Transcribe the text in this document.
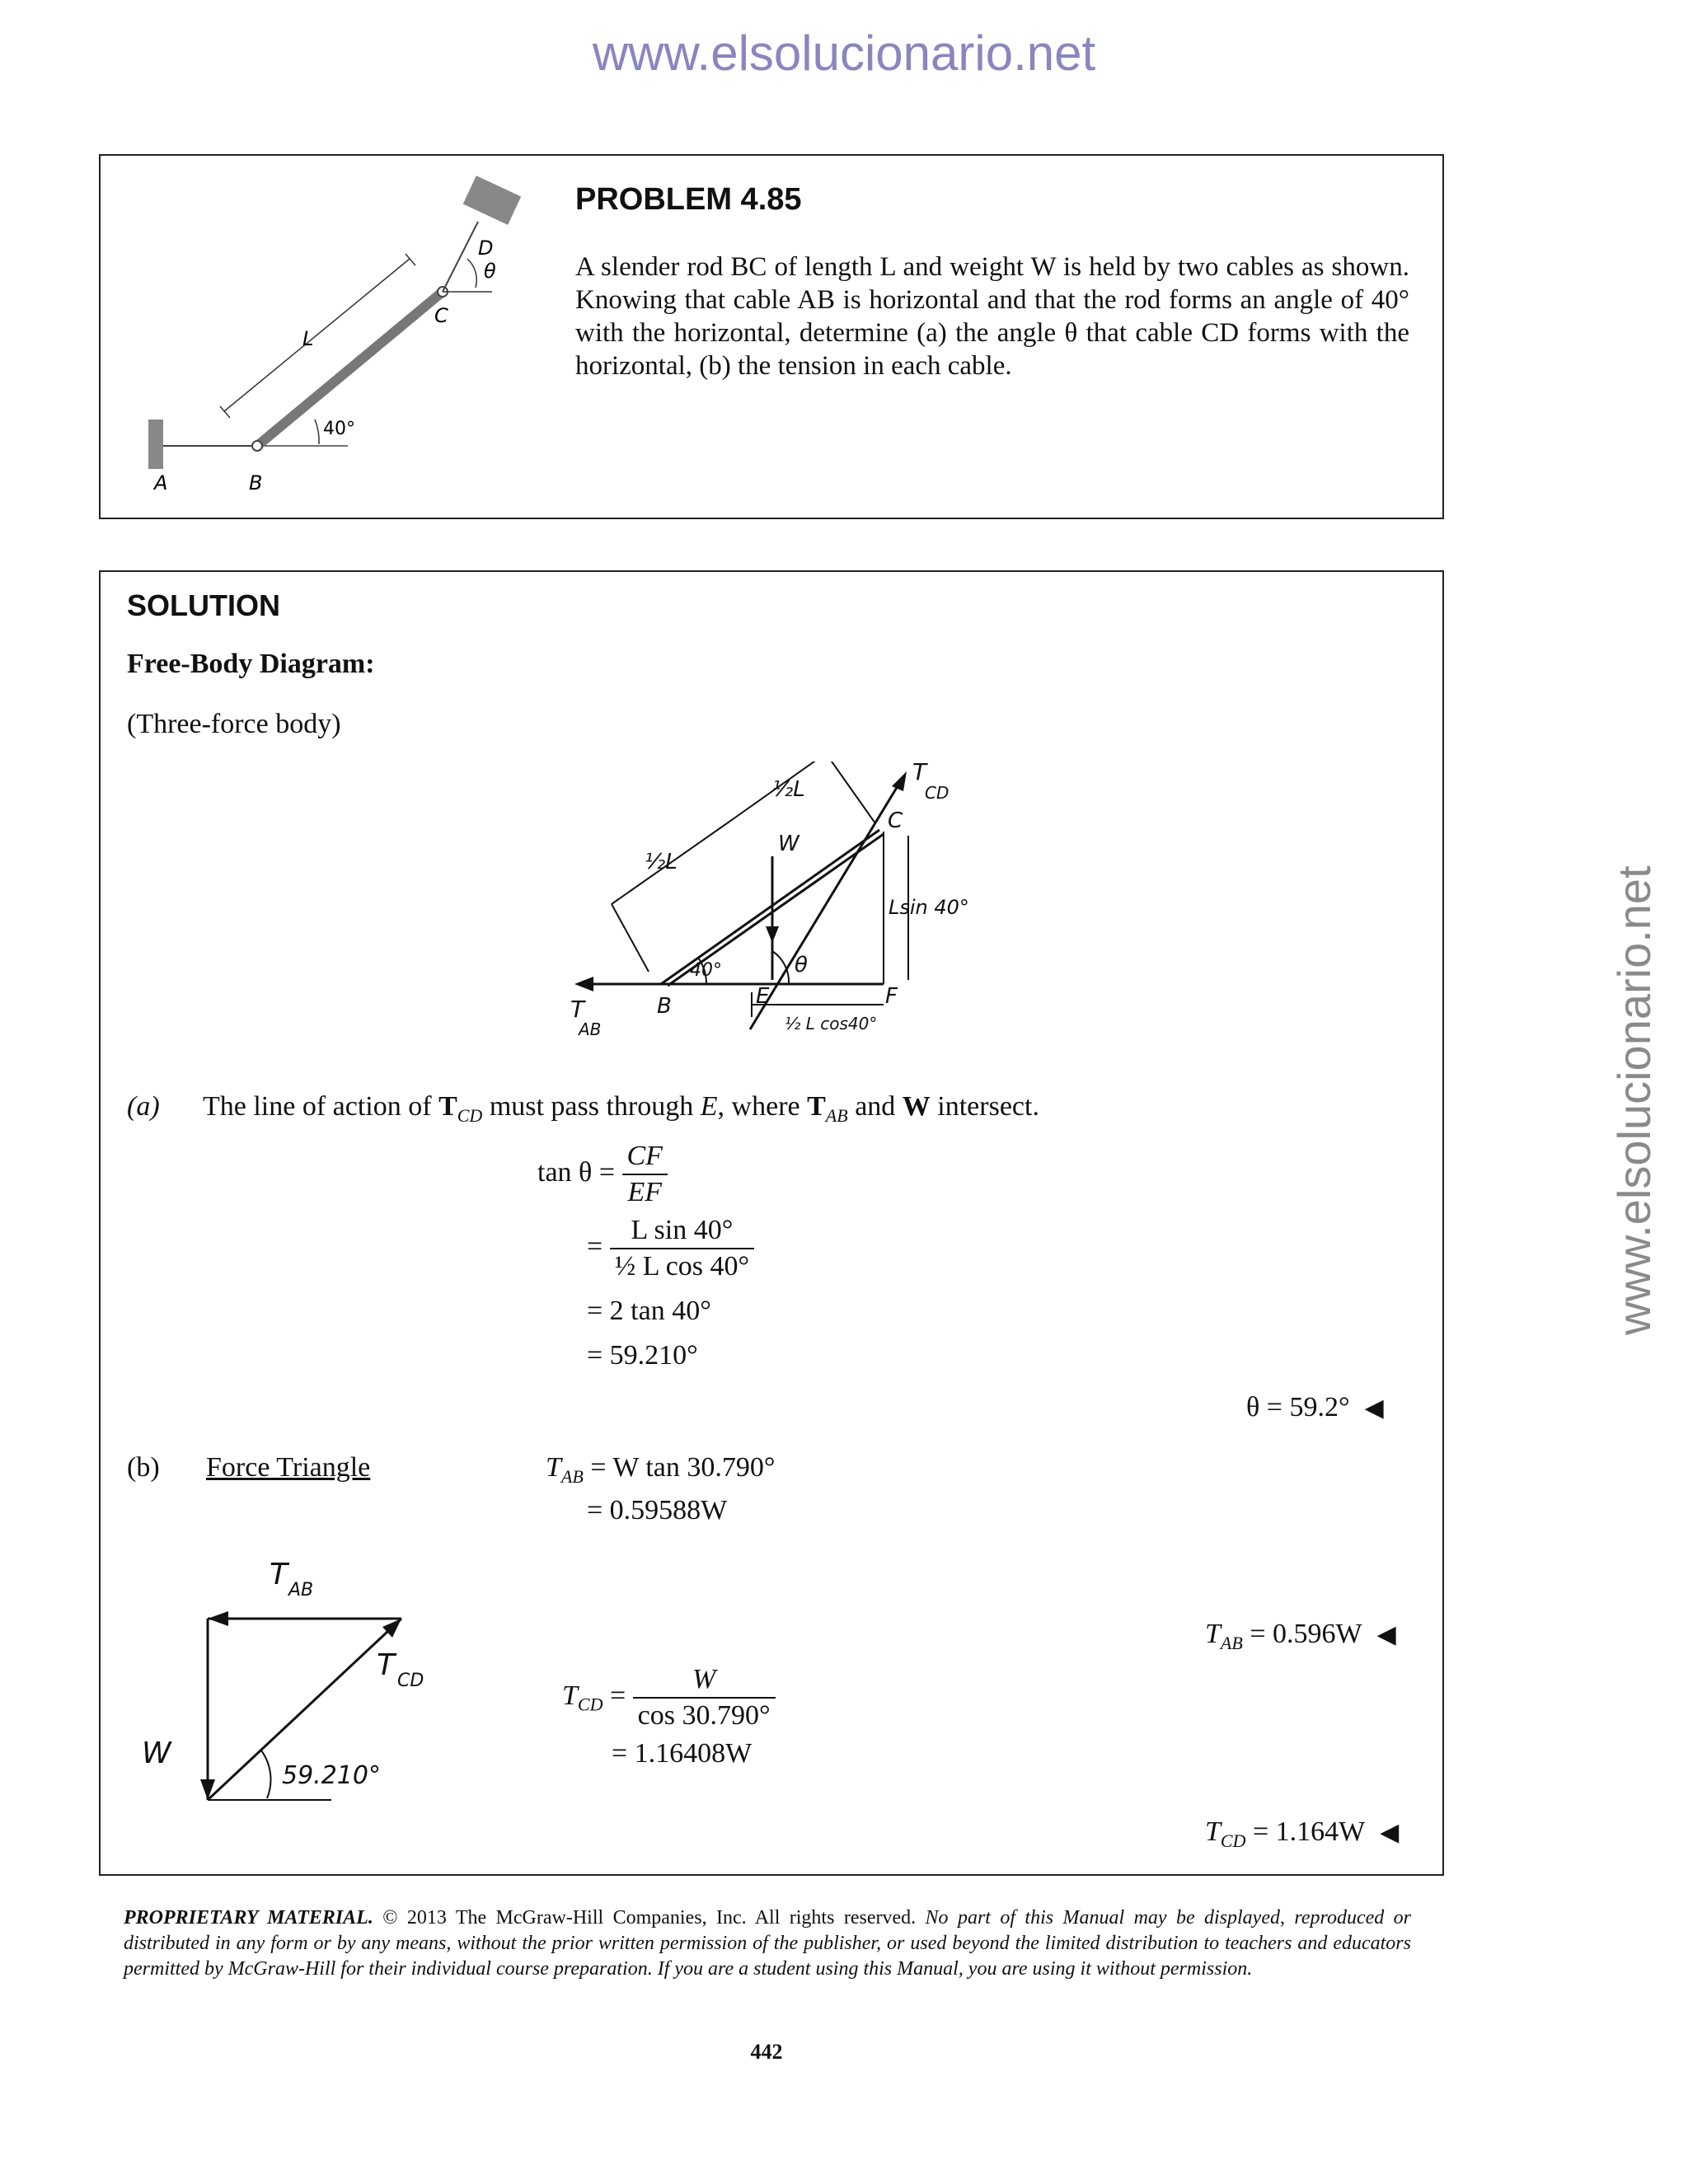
www.elsolucionario.net
www.elsolucionario.net
A	B
C
D
θ
L
40°
PROBLEM 4.85
A slender rod BC of length L and weight W is held by two cables as shown. Knowing that cable AB is horizontal and that the rod forms an angle of 40° with the horizontal, determine (a) the angle θ that cable CD forms with the horizontal, (b) the tension in each cable.
SOLUTION
Free-Body Diagram:
(Three-force body)
T
CD
T
AB
½L
½L
W
C
B	E	F
40°	θ
Lsin 40°
½ L cos40°
(a) The line of action of $T_{CD}$ must pass through E, where $T_{AB}$ and W intersect.
$\tan \theta = \frac{CF}{EF}$
= $\frac{\text{L sin 40°}}{\text{½ L cos 40°}}$
= 2 tan 40°
= 59.210°
θ = 59.2° ◀
(b) Force Triangle	$T_{AB} = W$ tan 30.790°
= 0.59588W
$T_{AB} = 0.596W$ ◀
T AB
T CD
W
59.210°
$T_{CD} = \frac{W}{\cos 30.790^\circ}$
= 1.16408W
$T_{CD} = 1.164W$ ◀
PROPRIETARY MATERIAL. © 2013 The McGraw-Hill Companies, Inc. All rights reserved. No part of this Manual may be displayed, reproduced or distributed in any form or by any means, without the prior written permission of the publisher, or used beyond the limited distribution to teachers and educators permitted by McGraw-Hill for their individual course preparation. If you are a student using this Manual, you are using it without permission.
442
